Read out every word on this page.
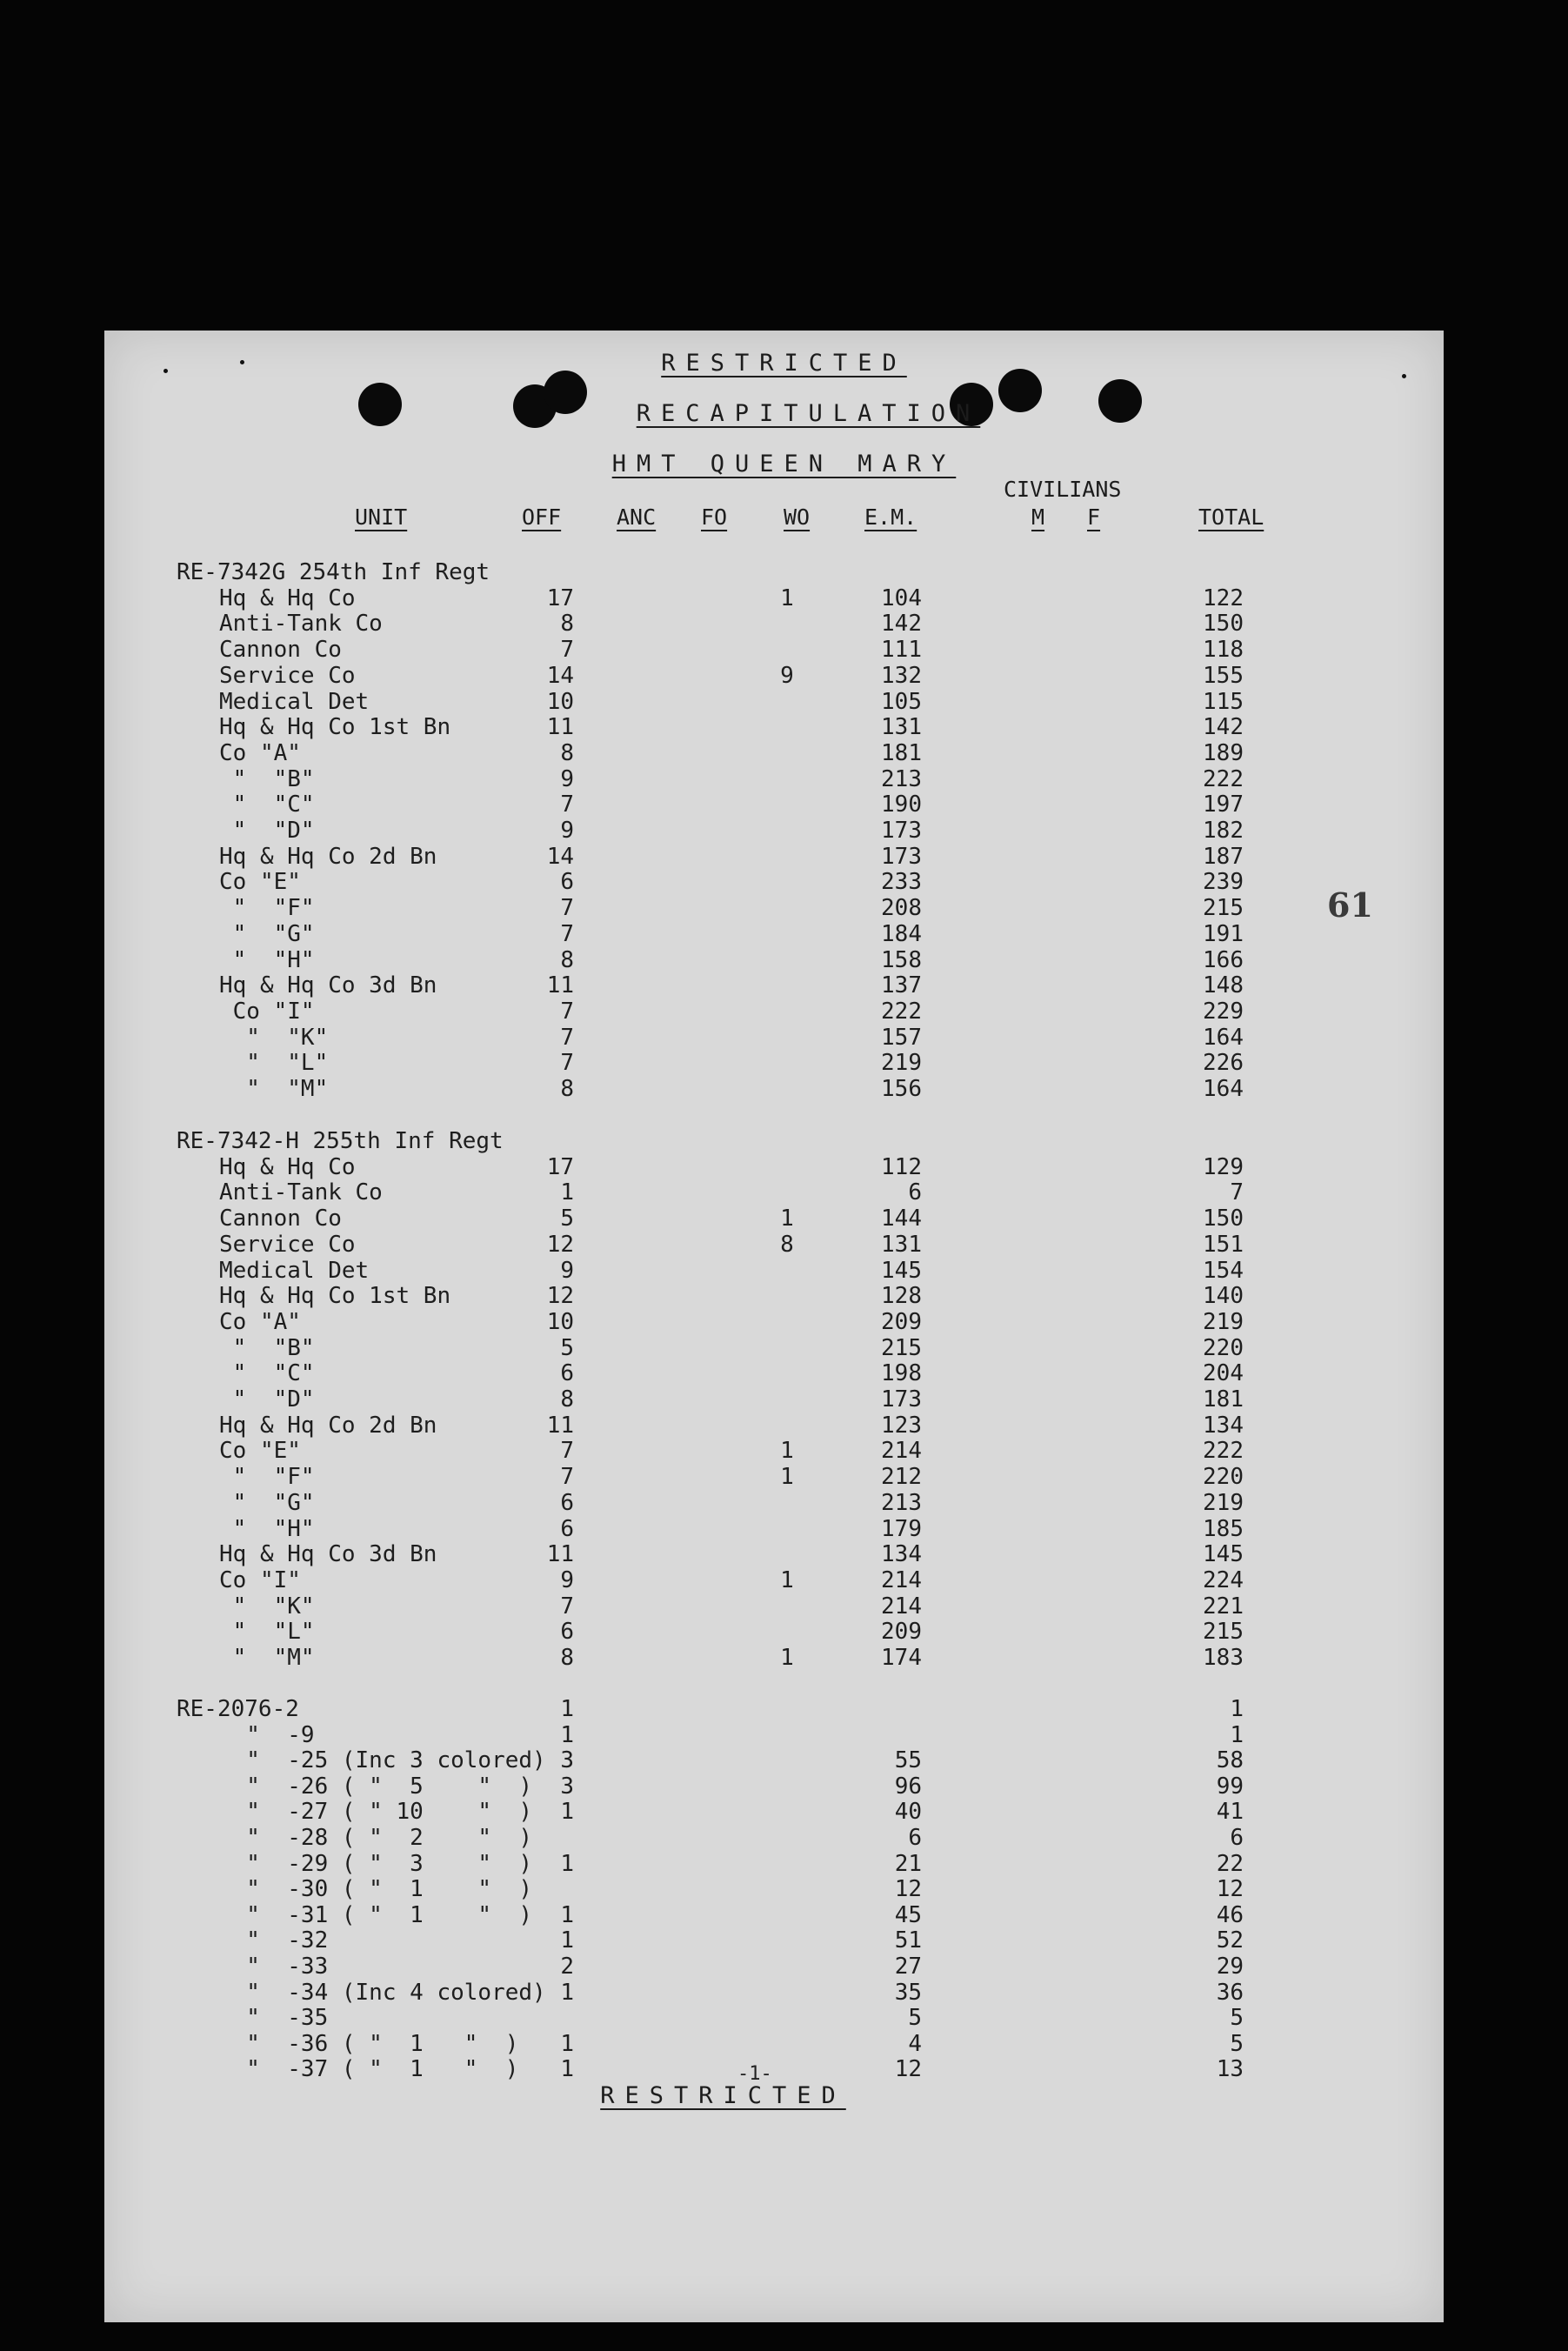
RESTRICTED
RECAPITULATION
HMT QUEEN MARY
CIVILIANS
UNIT	OFF	ANC FO	WO	E.M.	M F	TOTAL
RE-7342G 254th Inf Regt
Hq & Hq Co	17	1	104	122
Anti-Tank Co	8	142	150
Cannon Co	7	111	118
Service Co	14	9	132	155
Medical Det	10	105	115
Hq & Hq Co 1st Bn	11	131	142
Co "A"	8	181	189
"  "B"	9	213	222
"  "C"	7	190	197
"  "D"	9	173	182
Hq & Hq Co 2d Bn	14	173	187
Co "E"	6	233	239
"  "F"	7	208	215
"  "G"	7	184	191
"  "H"	8	158	166
Hq & Hq Co 3d Bn	11	137	148
Co "I"	7	222	229
"  "K"	7	157	164
"  "L"	7	219	226
"  "M"	8	156	164
RE-7342-H 255th Inf Regt
Hq & Hq Co	17	112	129
Anti-Tank Co	1	6	7
Cannon Co	5	1	144	150
Service Co	12	8	131	151
Medical Det	9	145	154
Hq & Hq Co 1st Bn	12	128	140
Co "A"	10	209	219
"  "B"	5	215	220
"  "C"	6	198	204
"  "D"	8	173	181
Hq & Hq Co 2d Bn	11	123	134
Co "E"	7	1	214	222
"  "F"	7	1	212	220
"  "G"	6	213	219
"  "H"	6	179	185
Hq & Hq Co 3d Bn	11	134	145
Co "I"	9	1	214	224
"  "K"	7	214	221
"  "L"	6	209	215
"  "M"	8	1	174	183
RE-2076-2	1	1
"  -9	1	1
"  -25 (Inc 3 colored) 3	55	58
"  -26 ( "  5    "  )	3	96	99
"  -27 ( " 10    "  )	1	40	41
"  -28 ( "  2    "  )	6	6
"  -29 ( "  3    "  )	1	21	22
"  -30 ( "  1    "  )	12	12
"  -31 ( "  1    "  )	1	45	46
"  -32	1	51	52
"  -33	2	27	29
"  -34 (Inc 4 colored) 1	35	36
"  -35	5	5
"  -36 ( "  1   "  )	1	4	5
"  -37 ( "  1   "  )	1	12	13
61
-1-
RESTRICTED
